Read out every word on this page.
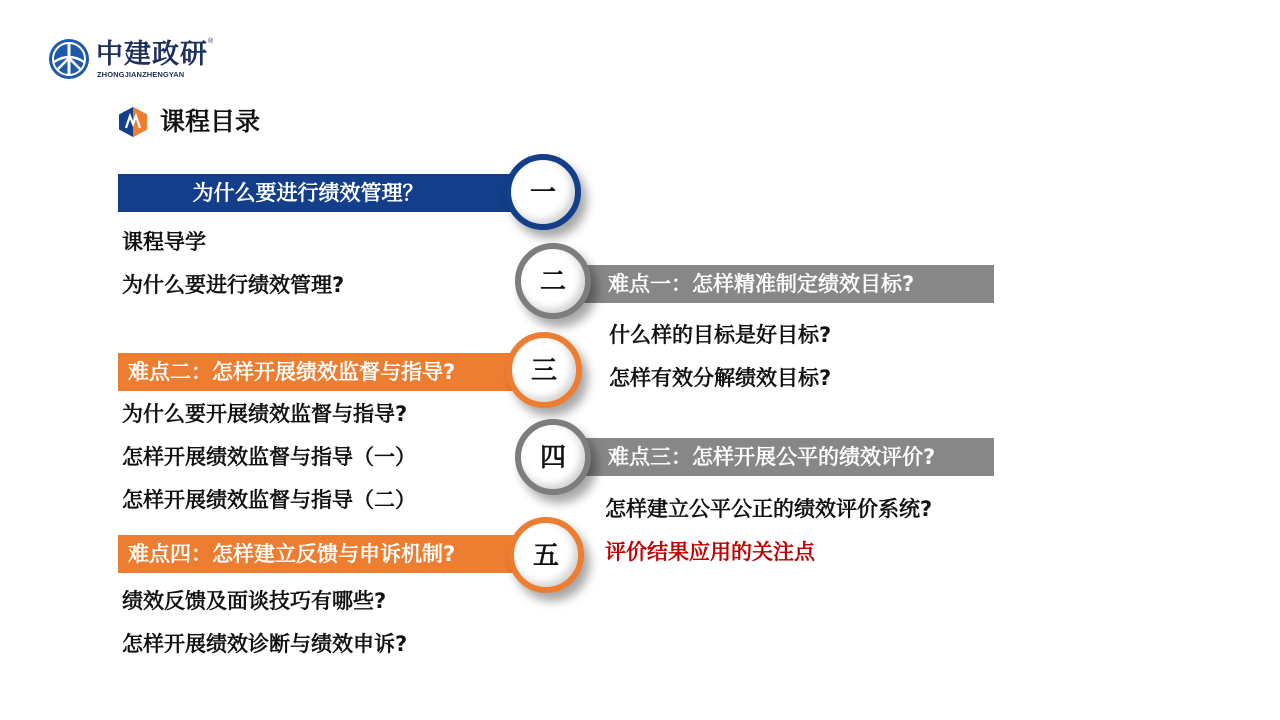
中建政研 ®
ZHONGJIANZHENGYAN
课程目录
为什么要进行绩效管理？	一
课程导学
为什么要进行绩效管理?	难点一：怎样精准制定绩效目标?
二
什么样的目标是好目标?
怎样有效分解绩效目标?
难点二：怎样开展绩效监督与指导?	三
为什么要开展绩效监督与指导?
怎样开展绩效监督与指导（一）
怎样开展绩效监督与指导（二）
难点三：怎样开展公平的绩效评价?
四
怎样建立公平公正的绩效评价系统?
评价结果应用的关注点
难点四：怎样建立反馈与申诉机制?	五
绩效反馈及面谈技巧有哪些?
怎样开展绩效诊断与绩效申诉?
